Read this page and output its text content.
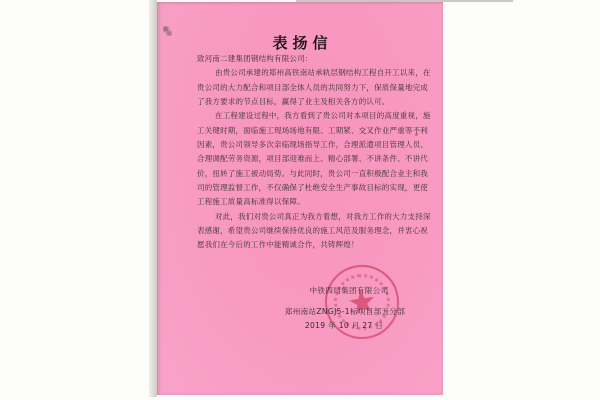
表扬信
致河南二建集团钢结构有限公司：
由贵公司承建的郑州高铁南站承轨层钢结构工程自开工以来，在
贵公司的大力配合和项目部全体人员的共同努力下，保质保量地完成
了我方要求的节点目标，赢得了业主及相关各方的认可。
在工程建设过程中，我方看到了贵公司对本项目的高度重视，施
工关键时期，面临施工现场场地有限、工期紧、交叉作业严重等不利
因素，贵公司领导多次亲临现场指导工作，合理派遣项目管理人员、
合理调配劳务资源，项目部迎难而上、精心部署、不讲条件、不讲代
价，扭转了施工被动局势。与此同时，贵公司一直积极配合业主和我
司的管理监督工作，不仅确保了杜绝安全生产事故目标的实现，更使
工程施工质量高标准得以保障。
对此，我们对贵公司真正为我方着想，对我方工作的大力支持深
表感谢，希望贵公司继续保持优良的施工风范及服务理念，并衷心祝
愿我们在今后的工作中能精诚合作，共铸辉煌！
中铁四局集团有限公司
郑州南站ZNGJ5-1标项目部五分部
2019 年 10 月 27 日
